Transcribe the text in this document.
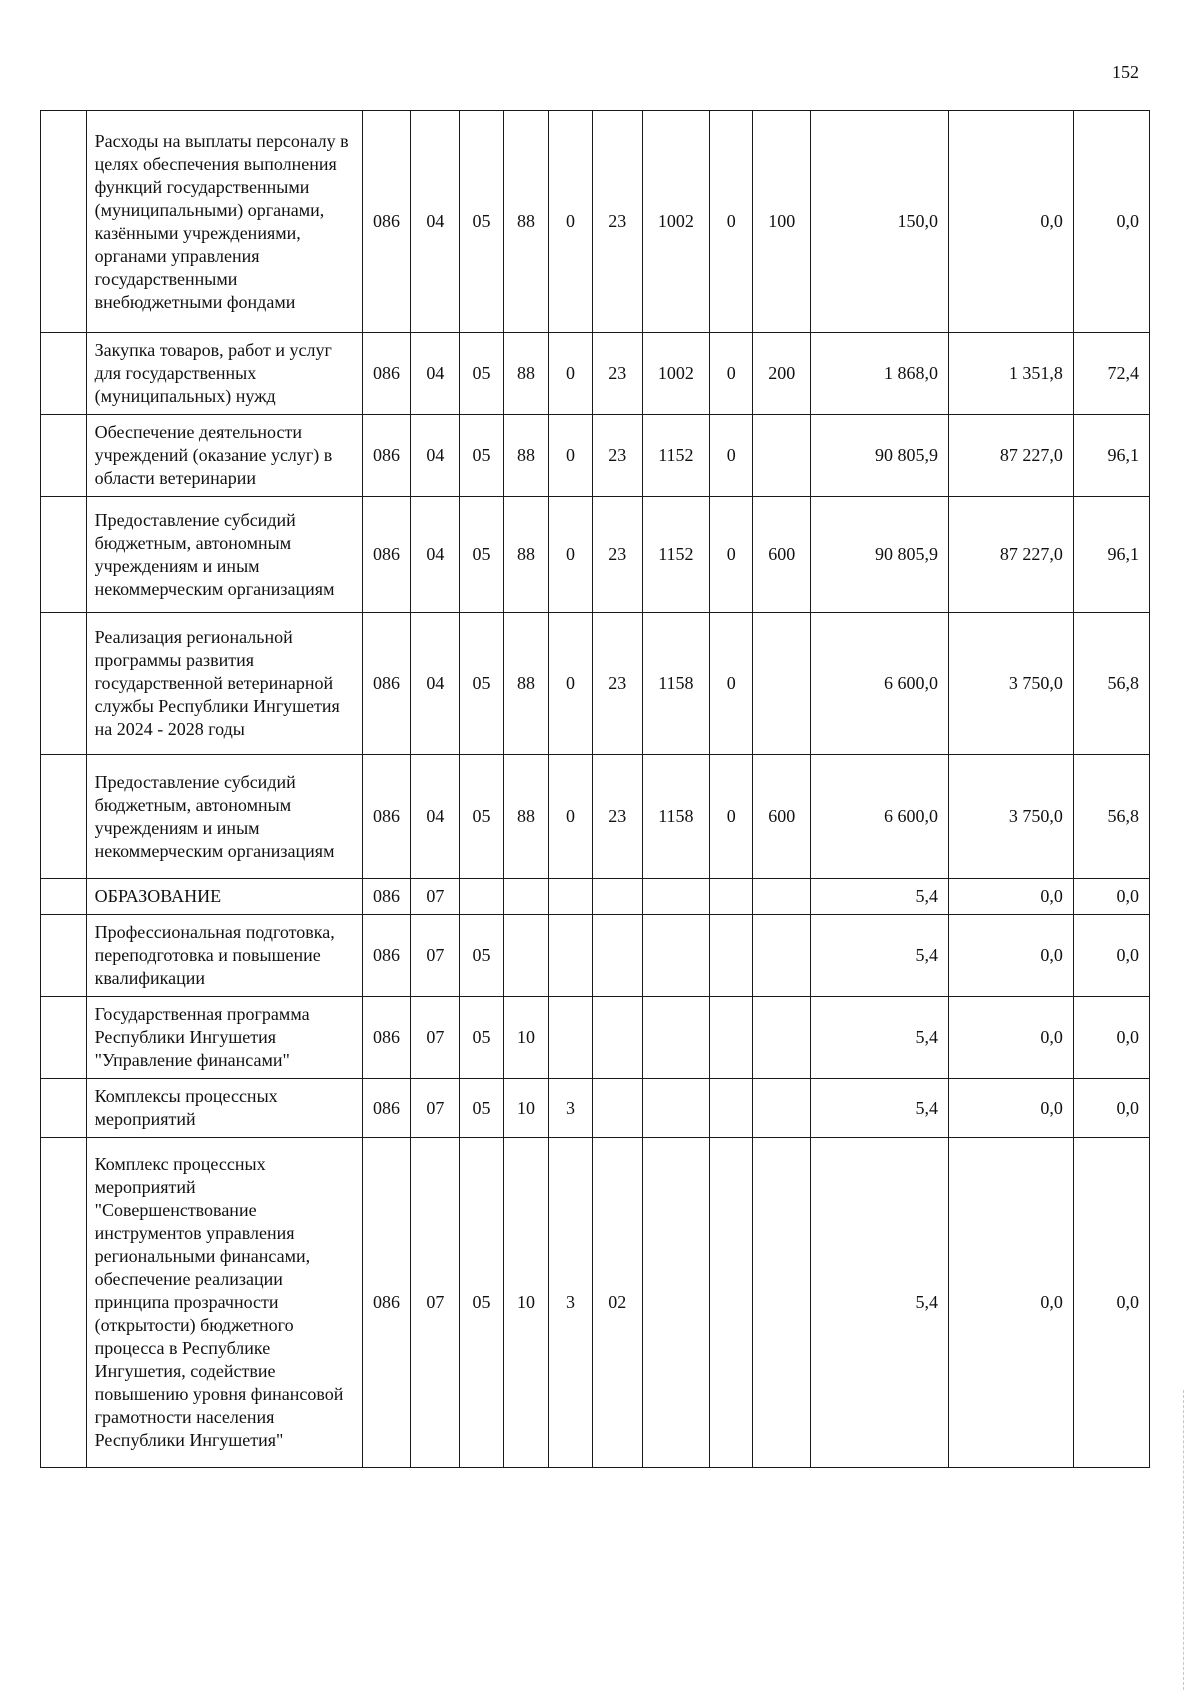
152
	Расходы на выплаты персоналу в целях обеспечения выполнения функций государственными (муниципальными) органами, казёнными учреждениями, органами управления государственными внебюджетными фондами	086	04	05	88	0	23	1002	0	100	150,0	0,0	0,0
	Закупка товаров, работ и услуг для государственных (муниципальных) нужд	086	04	05	88	0	23	1002	0	200	1 868,0	1 351,8	72,4
	Обеспечение деятельности учреждений (оказание услуг) в области ветеринарии	086	04	05	88	0	23	1152	0		90 805,9	87 227,0	96,1
	Предоставление субсидий бюджетным, автономным учреждениям и иным некоммерческим организациям	086	04	05	88	0	23	1152	0	600	90 805,9	87 227,0	96,1
	Реализация региональной программы развития государственной ветеринарной службы Республики Ингушетия на 2024 - 2028 годы	086	04	05	88	0	23	1158	0		6 600,0	3 750,0	56,8
	Предоставление субсидий бюджетным, автономным учреждениям и иным некоммерческим организациям	086	04	05	88	0	23	1158	0	600	6 600,0	3 750,0	56,8
	ОБРАЗОВАНИЕ	086	07								5,4	0,0	0,0
	Профессиональная подготовка, переподготовка и повышение квалификации	086	07	05							5,4	0,0	0,0
	Государственная программа Республики Ингушетия "Управление финансами"	086	07	05	10						5,4	0,0	0,0
	Комплексы процессных мероприятий	086	07	05	10	3					5,4	0,0	0,0
	Комплекс процессных мероприятий "Совершенствование инструментов управления региональными финансами, обеспечение реализации принципа прозрачности (открытости) бюджетного процесса в Республике Ингушетия, содействие повышению уровня финансовой грамотности населения Республики Ингушетия"	086	07	05	10	3	02				5,4	0,0	0,0
